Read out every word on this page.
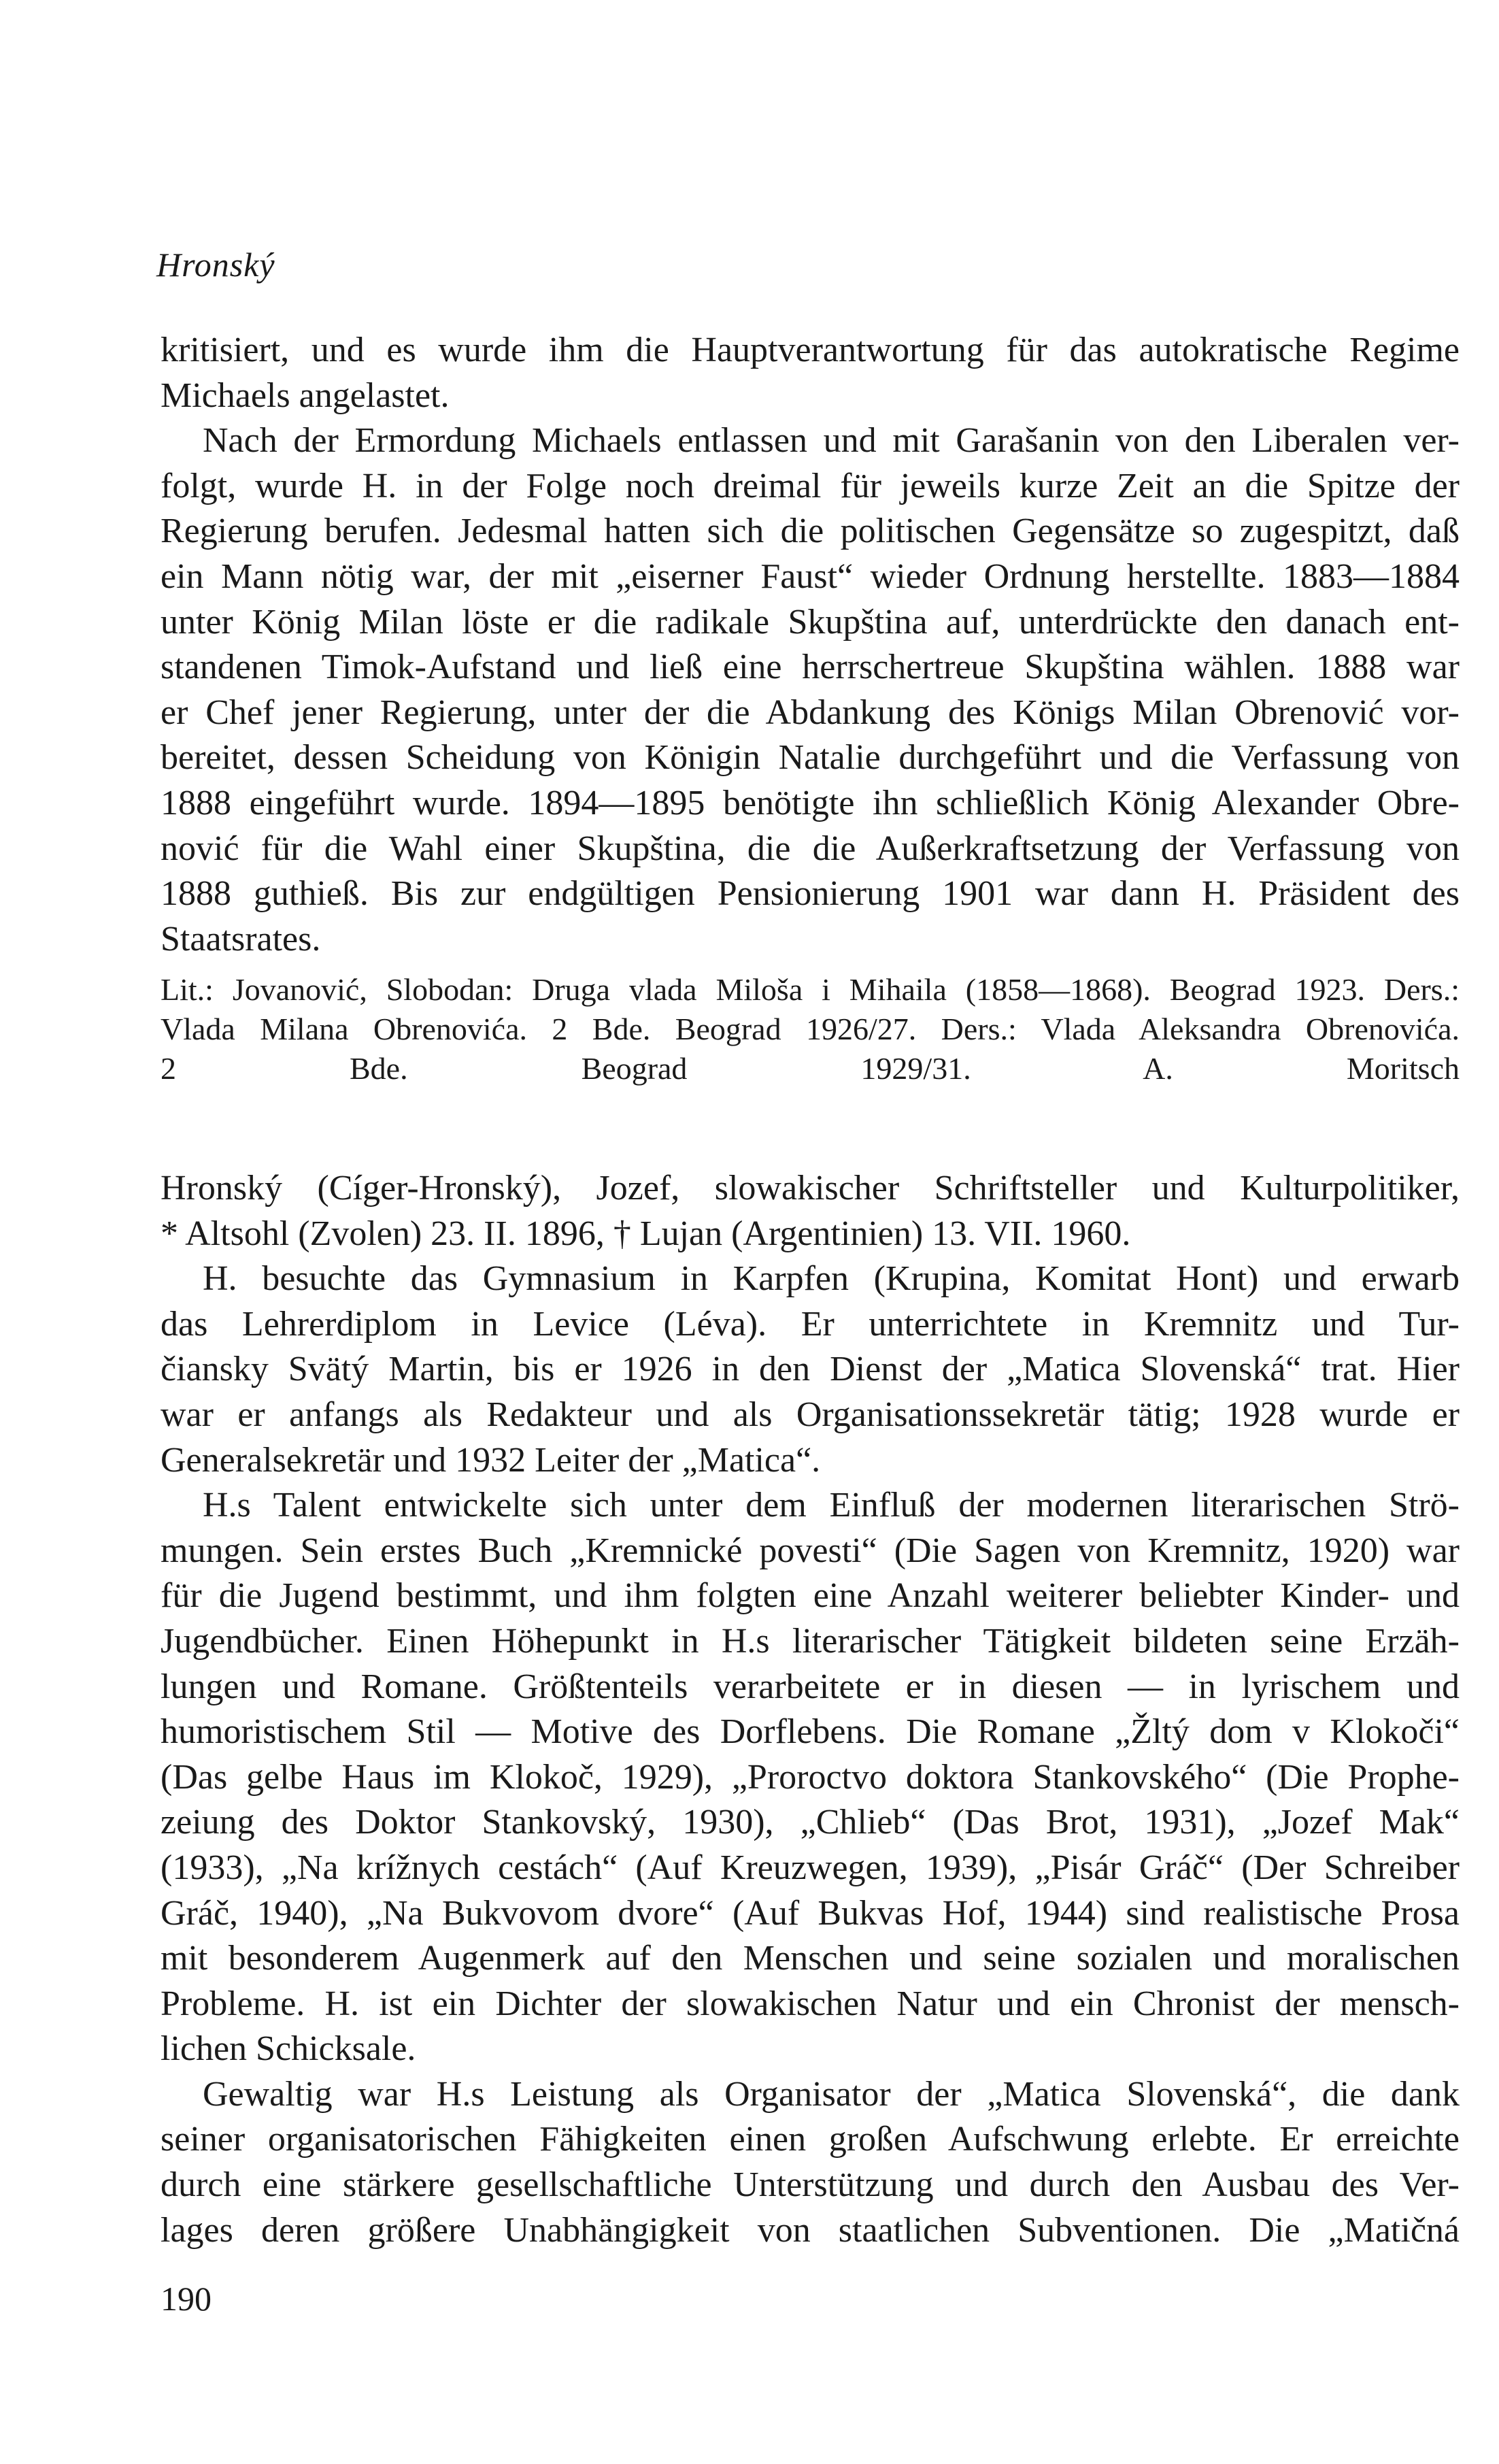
Hronský
kritisiert, und es wurde ihm die Hauptverantwortung für das autokratische Regime
Michaels angelastet.
Nach der Ermordung Michaels entlassen und mit Garašanin von den Liberalen ver-
folgt, wurde H. in der Folge noch dreimal für jeweils kurze Zeit an die Spitze der
Regierung berufen. Jedesmal hatten sich die politischen Gegensätze so zugespitzt, daß
ein Mann nötig war, der mit „eiserner Faust“ wieder Ordnung herstellte. 1883—1884
unter König Milan löste er die radikale Skupština auf, unterdrückte den danach ent-
standenen Timok-Aufstand und ließ eine herrschertreue Skupština wählen. 1888 war
er Chef jener Regierung, unter der die Abdankung des Königs Milan Obrenović vor-
bereitet, dessen Scheidung von Königin Natalie durchgeführt und die Verfassung von
1888 eingeführt wurde. 1894—1895 benötigte ihn schließlich König Alexander Obre-
nović für die Wahl einer Skupština, die die Außerkraftsetzung der Verfassung von
1888 guthieß. Bis zur endgültigen Pensionierung 1901 war dann H. Präsident des
Staatsrates.
Lit.: Jovanović, Slobodan: Druga vlada Miloša i Mihaila (1858—1868). Beograd 1923. Ders.:
Vlada Milana Obrenovića. 2 Bde. Beograd 1926/27. Ders.: Vlada Aleksandra Obrenovića.
2 Bde. Beograd 1929/31. A. Moritsch
Hronský (Cíger-Hronský), Jozef, slowakischer Schriftsteller und Kulturpolitiker,
* Altsohl (Zvolen) 23. II. 1896, † Lujan (Argentinien) 13. VII. 1960.
H. besuchte das Gymnasium in Karpfen (Krupina, Komitat Hont) und erwarb
das Lehrerdiplom in Levice (Léva). Er unterrichtete in Kremnitz und Tur-
čiansky Svätý Martin, bis er 1926 in den Dienst der „Matica Slovenská“ trat. Hier
war er anfangs als Redakteur und als Organisationssekretär tätig; 1928 wurde er
Generalsekretär und 1932 Leiter der „Matica“.
H.s Talent entwickelte sich unter dem Einfluß der modernen literarischen Strö-
mungen. Sein erstes Buch „Kremnické povesti“ (Die Sagen von Kremnitz, 1920) war
für die Jugend bestimmt, und ihm folgten eine Anzahl weiterer beliebter Kinder- und
Jugendbücher. Einen Höhepunkt in H.s literarischer Tätigkeit bildeten seine Erzäh-
lungen und Romane. Größtenteils verarbeitete er in diesen — in lyrischem und
humoristischem Stil — Motive des Dorflebens. Die Romane „Žltý dom v Klokoči“
(Das gelbe Haus im Klokoč, 1929), „Proroctvo doktora Stankovského“ (Die Prophe-
zeiung des Doktor Stankovský, 1930), „Chlieb“ (Das Brot, 1931), „Jozef Mak“
(1933), „Na krížnych cestách“ (Auf Kreuzwegen, 1939), „Pisár Gráč“ (Der Schreiber
Gráč, 1940), „Na Bukvovom dvore“ (Auf Bukvas Hof, 1944) sind realistische Prosa
mit besonderem Augenmerk auf den Menschen und seine sozialen und moralischen
Probleme. H. ist ein Dichter der slowakischen Natur und ein Chronist der mensch-
lichen Schicksale.
Gewaltig war H.s Leistung als Organisator der „Matica Slovenská“, die dank
seiner organisatorischen Fähigkeiten einen großen Aufschwung erlebte. Er erreichte
durch eine stärkere gesellschaftliche Unterstützung und durch den Ausbau des Ver-
lages deren größere Unabhängigkeit von staatlichen Subventionen. Die „Matičná
190
